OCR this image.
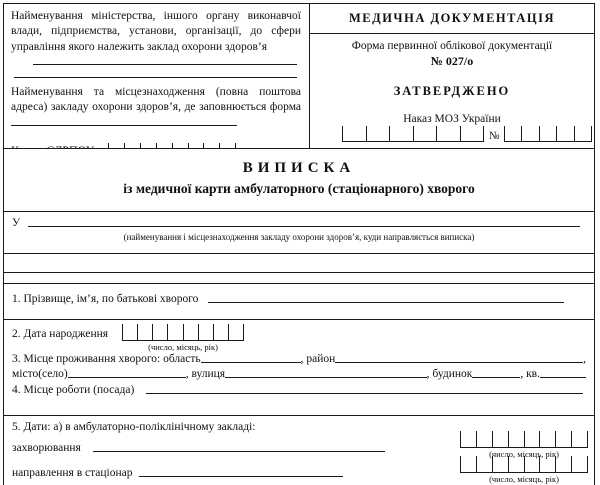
Найменування міністерства, іншого органу виконавчої влади, підприємства, установи, організації, до сфери управління якого належить заклад охорони здоров’я

Найменування та місцезнаходження (повна поштова адреса) закладу охорони здоров’я, де заповнюється форма

МЕДИЧНА ДОКУМЕНТАЦІЯ
Форма первинної облікової документації
№ 027/о
ЗАТВЕРДЖЕНО
Наказ МОЗ України
№
ВИПИСКА
із медичної карти амбулаторного (стаціонарного) хворого
У
(найменування і місцезнаходження закладу охорони здоров’я, куди направляється виписка)
1. Прізвище, ім’я, по батькові хворого
2. Дата народження
(число, місяць, рік)
3. Місце проживання хворого: область	, район	,
місто(село)	, вулиця	, будинок	, кв.
4. Місце роботи (посада)
5. Дати: а) в амбулаторно-поліклінічному закладі:
захворювання
направлення в стаціонар
(число, місяць, рік)
(число, місяць, рік)
